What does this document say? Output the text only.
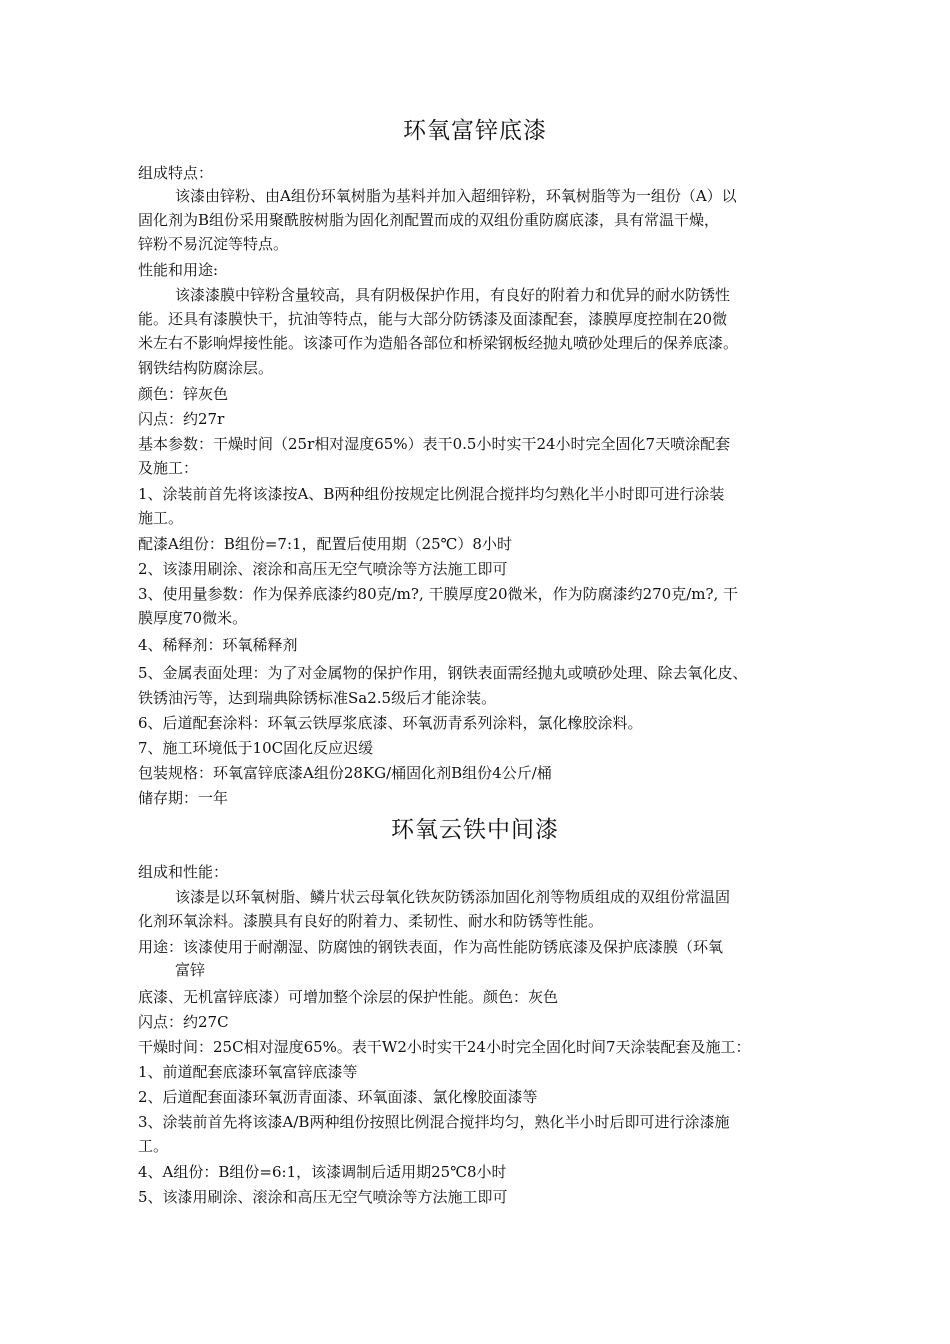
环氧富锌底漆
组成特点：
该漆由锌粉、由A组份环氧树脂为基料并加入超细锌粉，环氧树脂等为一组份（A）以
固化剂为B组份采用聚酰胺树脂为固化剂配置而成的双组份重防腐底漆，具有常温干燥，
锌粉不易沉淀等特点。
性能和用途:
该漆漆膜中锌粉含量较高，具有阴极保护作用，有良好的附着力和优异的耐水防锈性
能。还具有漆膜快干，抗油等特点，能与大部分防锈漆及面漆配套，漆膜厚度控制在20微
米左右不影响焊接性能。该漆可作为造船各部位和桥梁钢板经抛丸喷砂处理后的保养底漆。
钢铁结构防腐涂层。
颜色：锌灰色
闪点：约27r
基本参数：干燥时间（25r相对湿度65%）表干0.5小时实干24小时完全固化7天喷涂配套
及施工：
1、涂装前首先将该漆按A、B两种组份按规定比例混合搅拌均匀熟化半小时即可进行涂装
施工。
配漆A组份：B组份=7:1，配置后使用期（25℃）8小时
2、该漆用刷涂、滚涂和高压无空气喷涂等方法施工即可
3、使用量参数：作为保养底漆约80克/m?, 干膜厚度20微米，作为防腐漆约270克/m?, 干
膜厚度70微米。
4、稀释剂：环氧稀释剂
5、金属表面处理：为了对金属物的保护作用，钢铁表面需经抛丸或喷砂处理、除去氧化皮、
铁锈油污等，达到瑞典除锈标准Sa2.5级后才能涂装。
6、后道配套涂料：环氧云铁厚浆底漆、环氧沥青系列涂料，氯化橡胶涂料。
7、施工环境低于10C固化反应迟缓
包装规格：环氧富锌底漆A组份28KG/桶固化剂B组份4公斤/桶
储存期：一年
环氧云铁中间漆
组成和性能：
该漆是以环氧树脂、鳞片状云母氧化铁灰防锈添加固化剂等物质组成的双组份常温固
化剂环氧涂料。漆膜具有良好的附着力、柔韧性、耐水和防锈等性能。
用途：该漆使用于耐潮湿、防腐蚀的钢铁表面，作为高性能防锈底漆及保护底漆膜（环氧
富锌
底漆、无机富锌底漆）可增加整个涂层的保护性能。颜色：灰色
闪点：约27C
干燥时间：25C相对湿度65%。表干W2小时实干24小时完全固化时间7天涂装配套及施工：
1、前道配套底漆环氧富锌底漆等
2、后道配套面漆环氧沥青面漆、环氧面漆、氯化橡胶面漆等
3、涂装前首先将该漆A/B两种组份按照比例混合搅拌均匀，熟化半小时后即可进行涂漆施
工。
4、A组份：B组份=6:1，该漆调制后适用期25℃8小时
5、该漆用刷涂、滚涂和高压无空气喷涂等方法施工即可
